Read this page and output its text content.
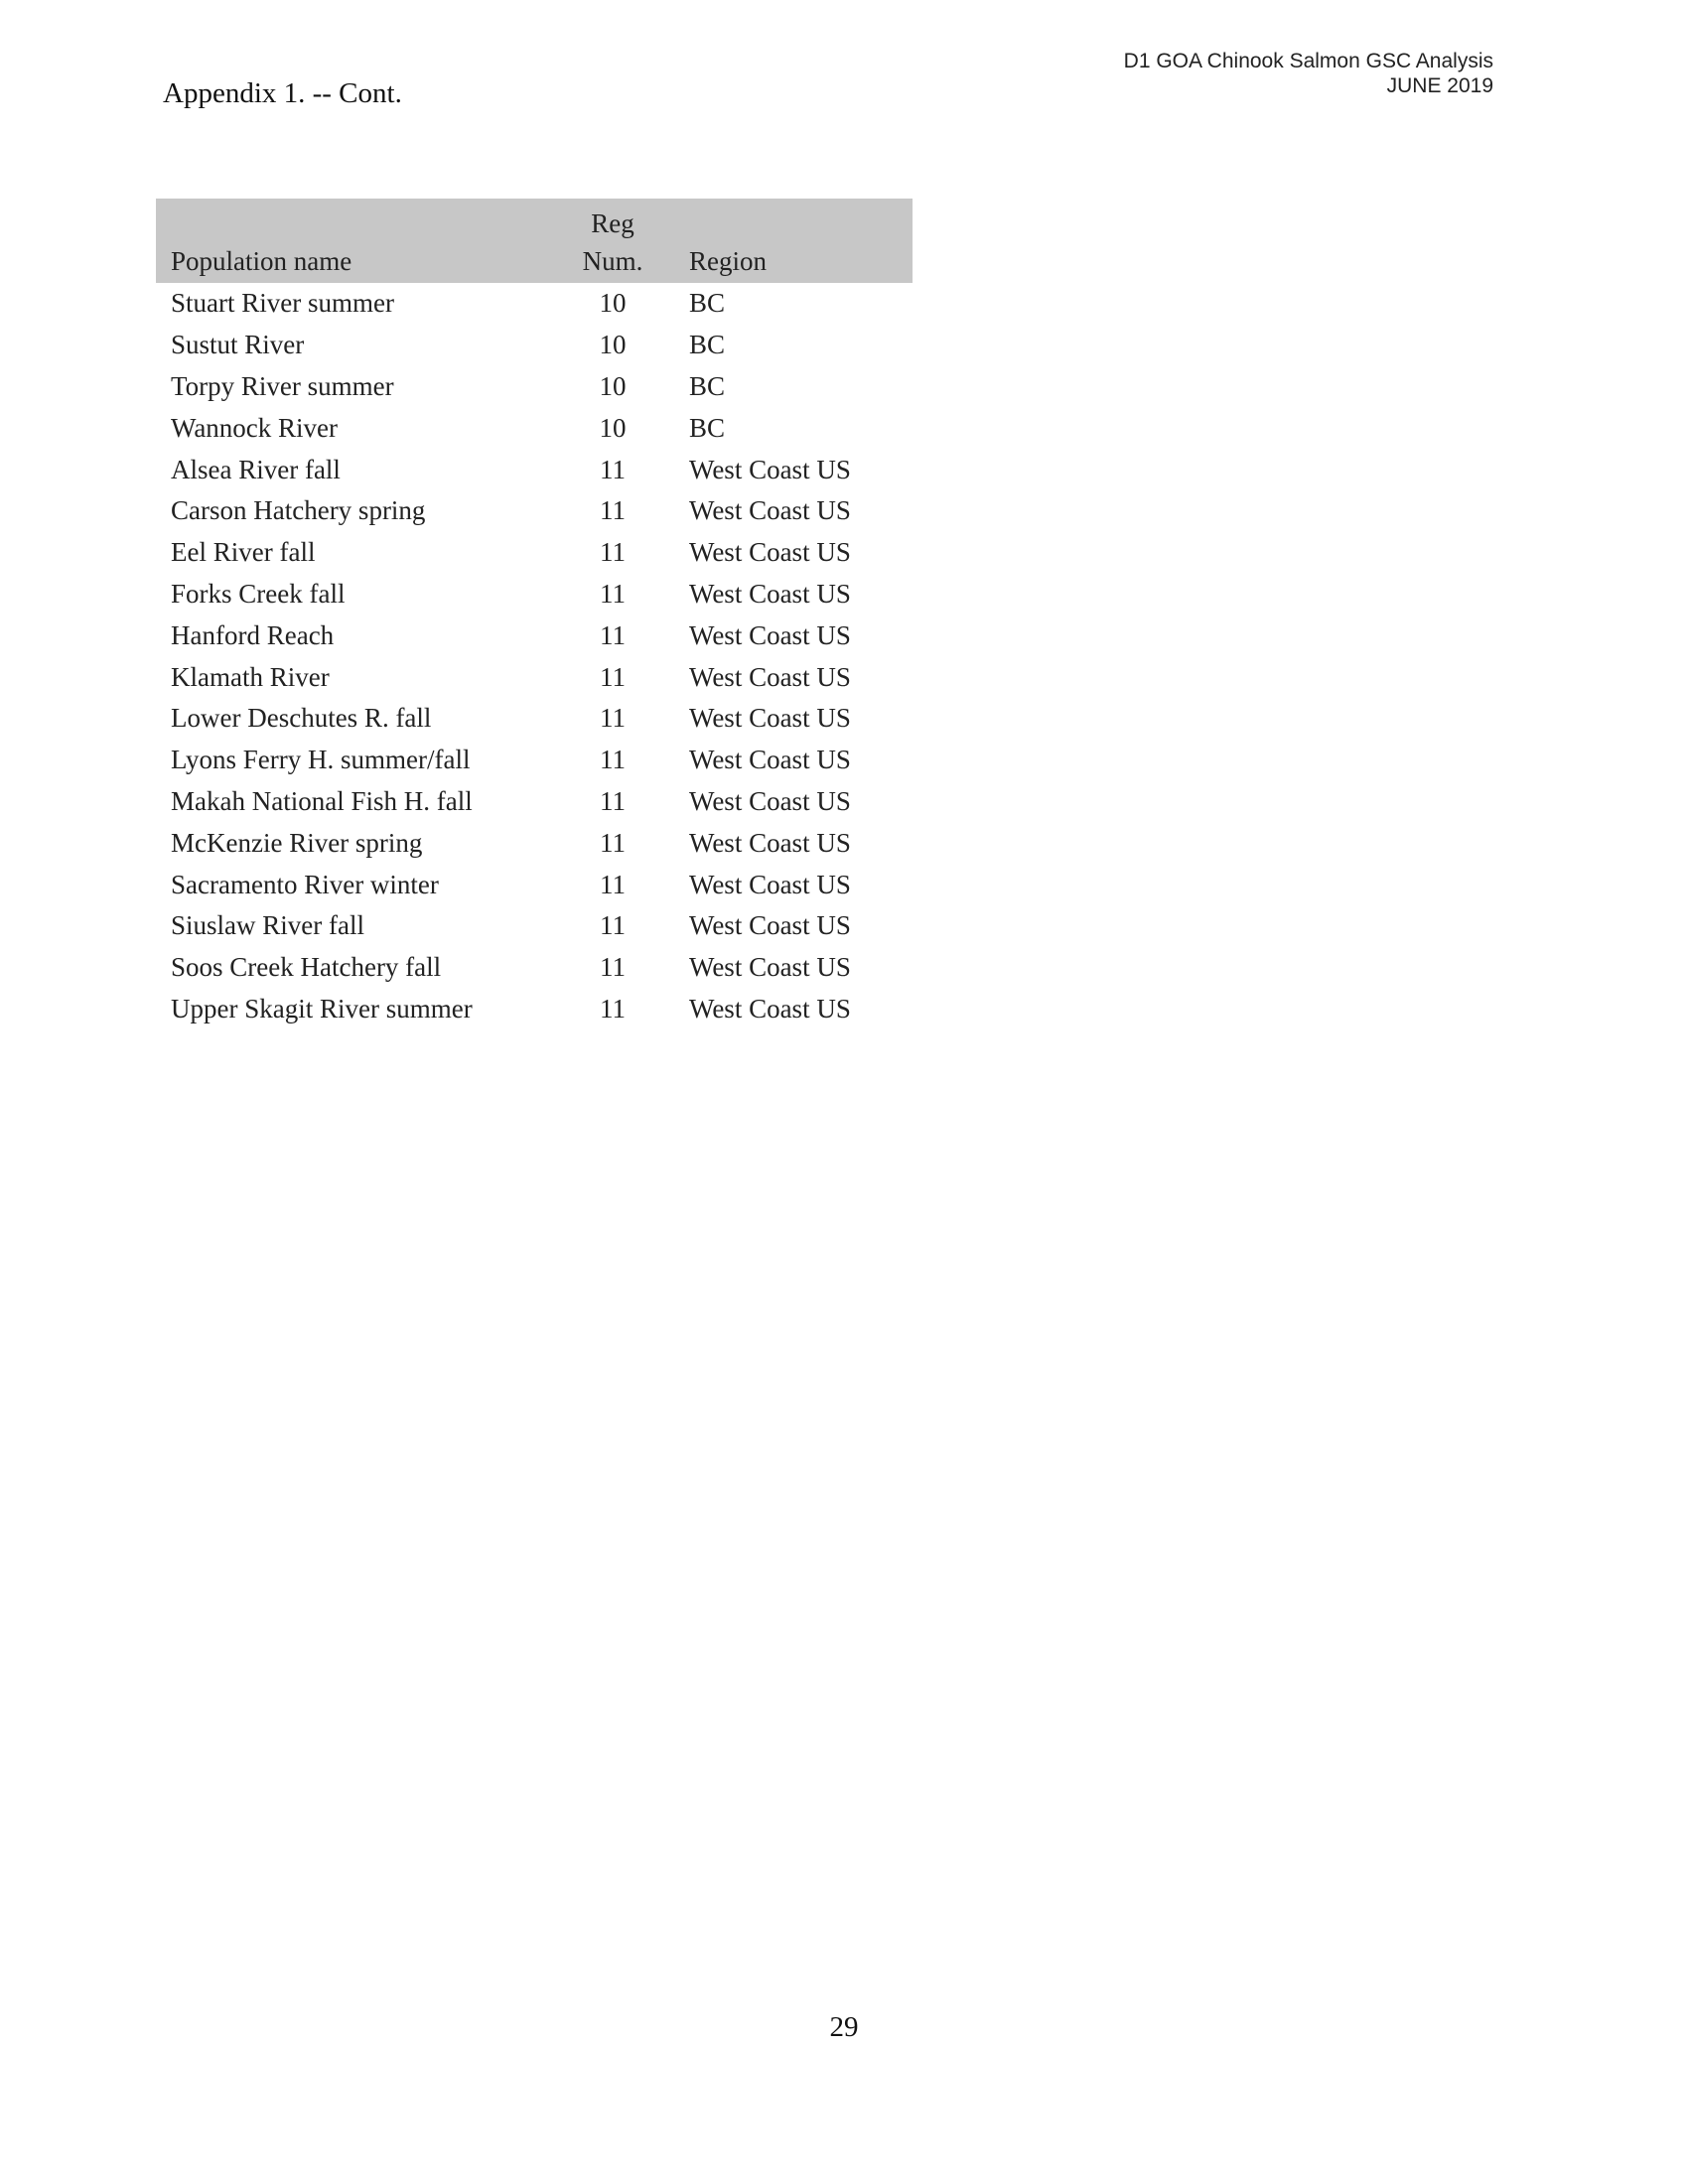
D1 GOA Chinook Salmon GSC Analysis
JUNE 2019
Appendix 1. -- Cont.
	Reg	
Population name	Num.	Region
Stuart River summer	10	BC
Sustut River	10	BC
Torpy River summer	10	BC
Wannock River	10	BC
Alsea River fall	11	West Coast US
Carson Hatchery spring	11	West Coast US
Eel River fall	11	West Coast US
Forks Creek fall	11	West Coast US
Hanford Reach	11	West Coast US
Klamath River	11	West Coast US
Lower Deschutes R. fall	11	West Coast US
Lyons Ferry H. summer/fall	11	West Coast US
Makah National Fish H. fall	11	West Coast US
McKenzie River spring	11	West Coast US
Sacramento River winter	11	West Coast US
Siuslaw River fall	11	West Coast US
Soos Creek Hatchery fall	11	West Coast US
Upper Skagit River summer	11	West Coast US
29
